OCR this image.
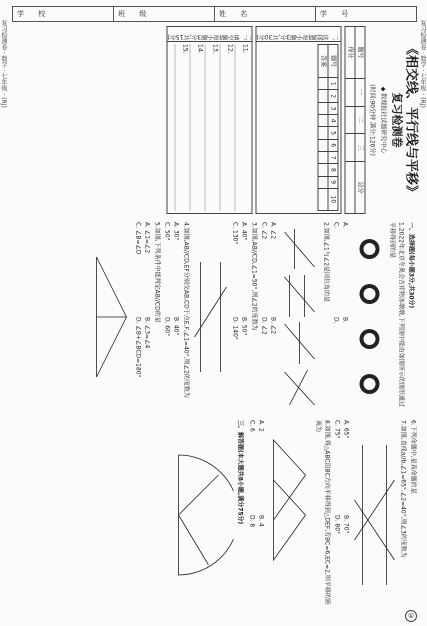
学 校	班 级	姓 名	学 号
复习检测卷 · 数学 · 七年级 · (RJ)	复习检测卷 · 数学 · 七年级 · (RJ)
《相交线、平行线与平移》
复习检测卷
◆ 数理报社试题研究中心
(时间:90分钟 满分:120分)
题号	一	二	三	总分
得分				
一、选择题(每小题3分,共30分)
题号	1	2	3	4	5	6	7	8	9	10
答案										
二、填空题(每小题3分,共15分)
11.
12.
13.
14.
15.
一、选择题(每小题3分,共30分)
1.2022年北京冬奥会吉祥物冰墩墩,下列图中能由如图所示的图形通过平移得到的是
A.
B.
C.
D.
2.如图,∠1与∠2是同位角的是
A. ∠2
B. ∠2
C. ∠2
D. ∠2
3.如图,AB//CD,∠1=50°,则∠2的度数为
A. 40°
B. 50°
C. 130°
D. 140°
4.如图,AB//CD,EF分别交AB,CD于点E,F,∠1=40°,则∠2的度数为
A. 30°
B. 40°
C. 50°
D. 60°
5.如图,下列条件中能判定AB//CD的是
A. ∠1=∠2
B. ∠3=∠4
C. ∠B=∠D
D. ∠B+∠BCD=180°
6.下列命题中,是真命题的是
7.如图,直线a//b,∠1=65°,∠2=40°,则∠3的度数为
A. 65°
B. 70°
C. 75°
D. 80°
8.如图,将△ABC沿BC方向平移得到△DEF,若BC=6,EC=2,则平移的距离为
A. 2
B. 4
C. 6
D. 8
三、解答题(本大题共8小题,满分75分)
①
